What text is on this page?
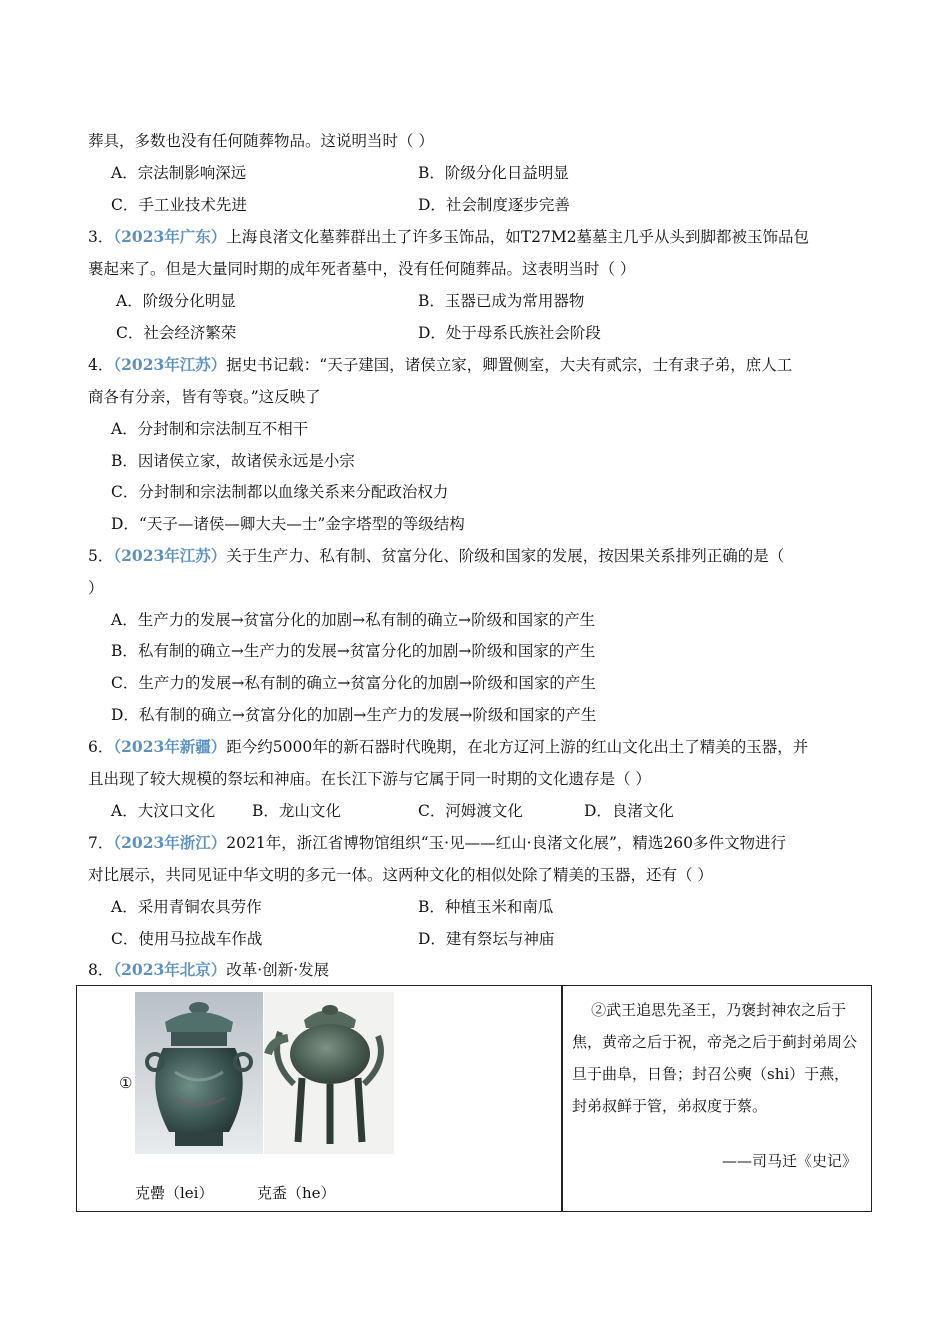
葬具，多数也没有任何随葬物品。这说明当时（ ）
A．宗法制影响深远	B．阶级分化日益明显
C．手工业技术先进	D．社会制度逐步完善
3．（2023年广东）上海良渚文化墓葬群出土了许多玉饰品，如T27M2墓墓主几乎从头到脚都被玉饰品包
裹起来了。但是大量同时期的成年死者墓中，没有任何随葬品。这表明当时（ ）
A．阶级分化明显	B．玉器已成为常用器物
C．社会经济繁荣	D．处于母系氏族社会阶段
4．（2023年江苏）据史书记载：“天子建国，诸侯立家，卿置侧室，大夫有贰宗，士有隶子弟，庶人工
商各有分亲，皆有等衰。”这反映了
A．分封制和宗法制互不相干
B．因诸侯立家，故诸侯永远是小宗
C．分封制和宗法制都以血缘关系来分配政治权力
D．“天子—诸侯—卿大夫—士”金字塔型的等级结构
5．（2023年江苏）关于生产力、私有制、贫富分化、阶级和国家的发展，按因果关系排列正确的是（
）
A．生产力的发展→贫富分化的加剧→私有制的确立→阶级和国家的产生
B．私有制的确立→生产力的发展→贫富分化的加剧→阶级和国家的产生
C．生产力的发展→私有制的确立→贫富分化的加剧→阶级和国家的产生
D．私有制的确立→贫富分化的加剧→生产力的发展→阶级和国家的产生
6．（2023年新疆）距今约5000年的新石器时代晚期，在北方辽河上游的红山文化出土了精美的玉器，并
且出现了较大规模的祭坛和神庙。在长江下游与它属于同一时期的文化遗存是（ ）
A．大汶口文化 B．龙山文化	C．河姆渡文化	D．良渚文化
7．（2023年浙江）2021年，浙江省博物馆组织“玉·见——红山·良渚文化展”，精选260多件文物进行
对比展示，共同见证中华文明的多元一体。这两种文化的相似处除了精美的玉器，还有（ ）
A．采用青铜农具劳作	B．种植玉米和南瓜
C．使用马拉战车作战	D．建有祭坛与神庙
8．（2023年北京）改革·创新·发展
①
克罍（lei）	克盉（he）
②武王追思先圣王，乃褒封神农之后于焦，黄帝之后于祝，帝尧之后于蓟封弟周公旦于曲阜，日鲁；封召公奭（shi）于燕，封弟叔鲜于管，弟叔度于蔡。
——司马迁《史记》
